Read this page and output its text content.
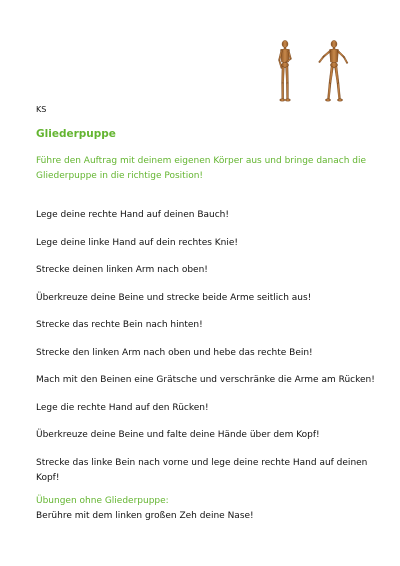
KS
Gliederpuppe
Führe den Auftrag mit deinem eigenen Körper aus und bringe danach die Gliederpuppe in die richtige Position!
Lege deine rechte Hand auf deinen Bauch!
Lege deine linke Hand auf dein rechtes Knie!
Strecke deinen linken Arm nach oben!
Überkreuze deine Beine und strecke beide Arme seitlich aus!
Strecke das rechte Bein nach hinten!
Strecke den linken Arm nach oben und hebe das rechte Bein!
Mach mit den Beinen eine Grätsche und verschränke die Arme am Rücken!
Lege die rechte Hand auf den Rücken!
Überkreuze deine Beine und falte deine Hände über dem Kopf!
Strecke das linke Bein nach vorne und lege deine rechte Hand auf deinen Kopf!
Übungen ohne Gliederpuppe:
Berühre mit dem linken großen Zeh deine Nase!
